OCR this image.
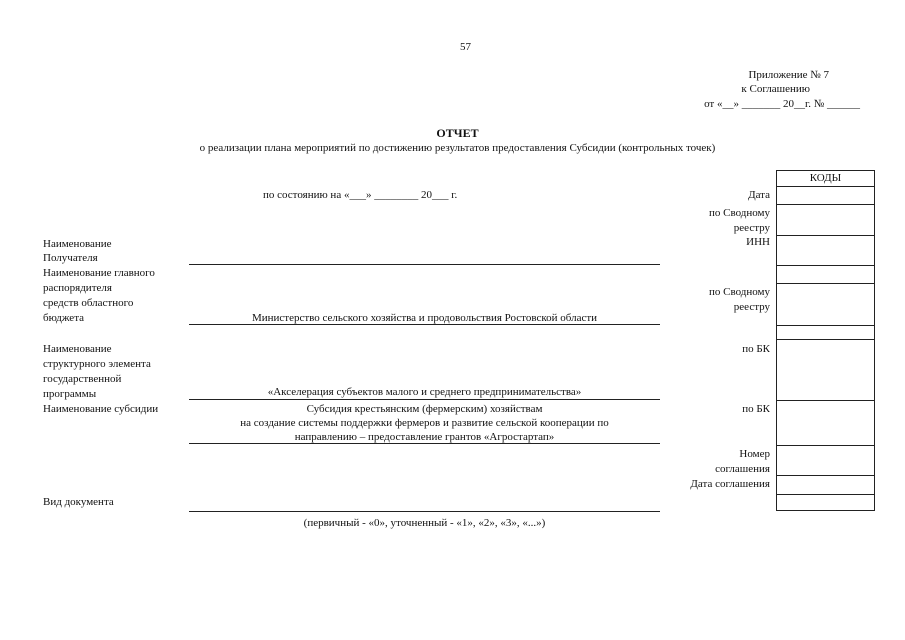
57
Приложение № 7
к Соглашению
от «__» _______ 20__г. № ______
ОТЧЕТ
о реализации плана мероприятий по достижению результатов предоставления Субсидии (контрольных точек)
по состоянию на «___» ________ 20___ г.
КОДЫ
Дата
по Сводному
реестру
ИНН
по Сводному
реестру
по БК
по БК
Номер
соглашения
Дата соглашения
Наименование
Получателя
Наименование главного
распорядителя
средств областного
бюджета
Наименование
структурного элемента
государственной
программы
Наименование субсидии
Вид документа
Министерство сельского хозяйства и продовольствия Ростовской области
«Акселерация субъектов малого и среднего предпринимательства»
Субсидия крестьянским (фермерским) хозяйствам
на создание системы поддержки фермеров и развитие сельской кооперации по
направлению – предоставление грантов «Агростартап»
(первичный - «0», уточненный - «1», «2», «3», «...»)
